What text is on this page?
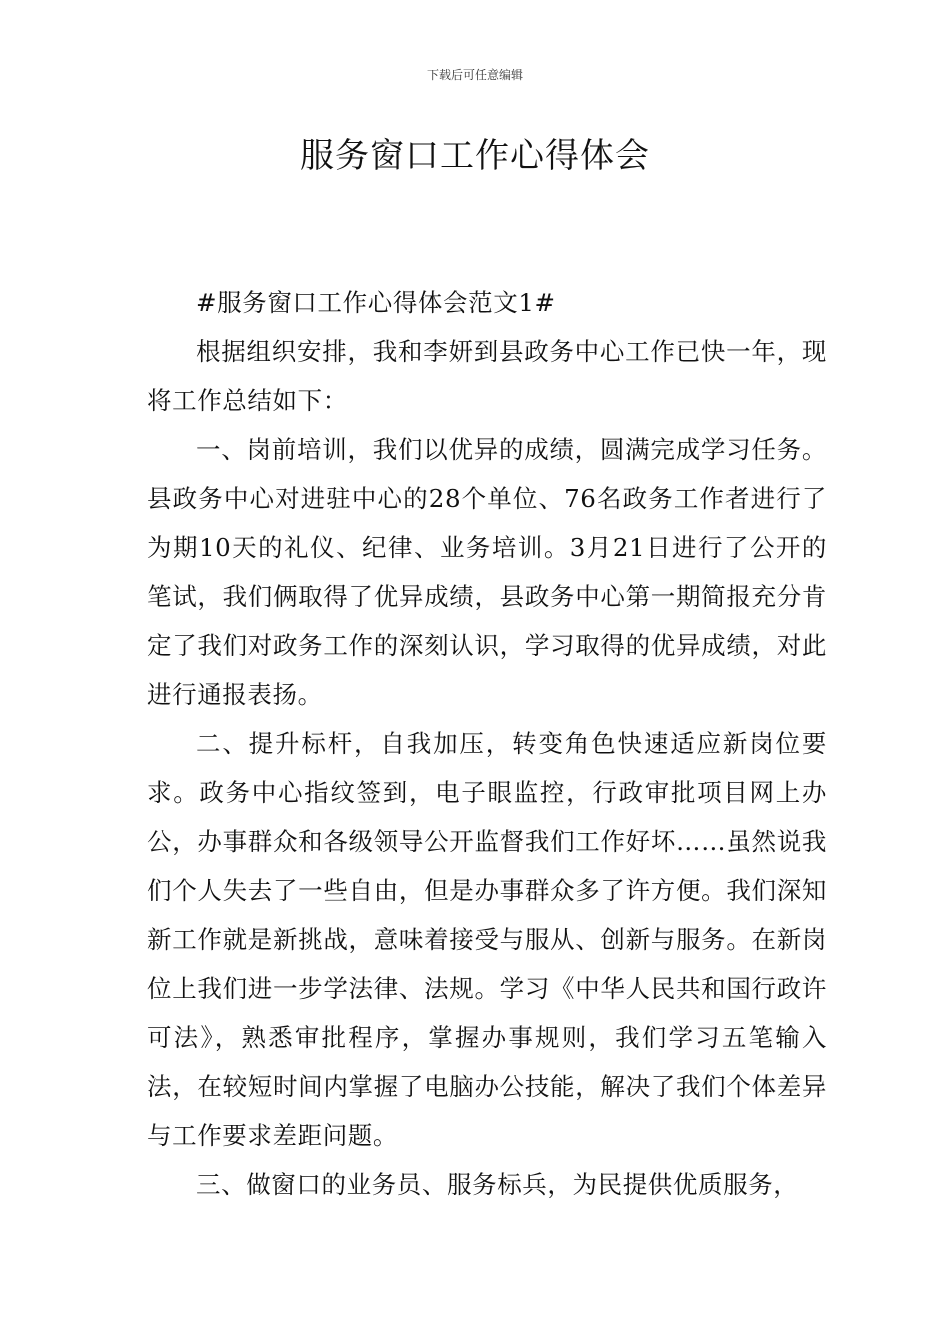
下载后可任意编辑
服务窗口工作心得体会

#服务窗口工作心得体会范文1#

根据组织安排，我和李妍到县政务中心工作已快一年，现将工作总结如下：

一、岗前培训，我们以优异的成绩，圆满完成学习任务。县政务中心对进驻中心的28个单位、76名政务工作者进行了为期10天的礼仪、纪律、业务培训。3月21日进行了公开的笔试，我们俩取得了优异成绩，县政务中心第一期简报充分肯定了我们对政务工作的深刻认识，学习取得的优异成绩，对此进行通报表扬。

二、提升标杆，自我加压，转变角色快速适应新岗位要求。政务中心指纹签到，电子眼监控，行政审批项目网上办公，办事群众和各级领导公开监督我们工作好坏……虽然说我们个人失去了一些自由，但是办事群众多了许方便。我们深知新工作就是新挑战，意味着接受与服从、创新与服务。在新岗位上我们进一步学法律、法规。学习《中华人民共和国行政许可法》，熟悉审批程序，掌握办事规则，我们学习五笔输入法，在较短时间内掌握了电脑办公技能，解决了我们个体差异与工作要求差距问题。

三、做窗口的业务员、服务标兵，为民提供优质服务，
